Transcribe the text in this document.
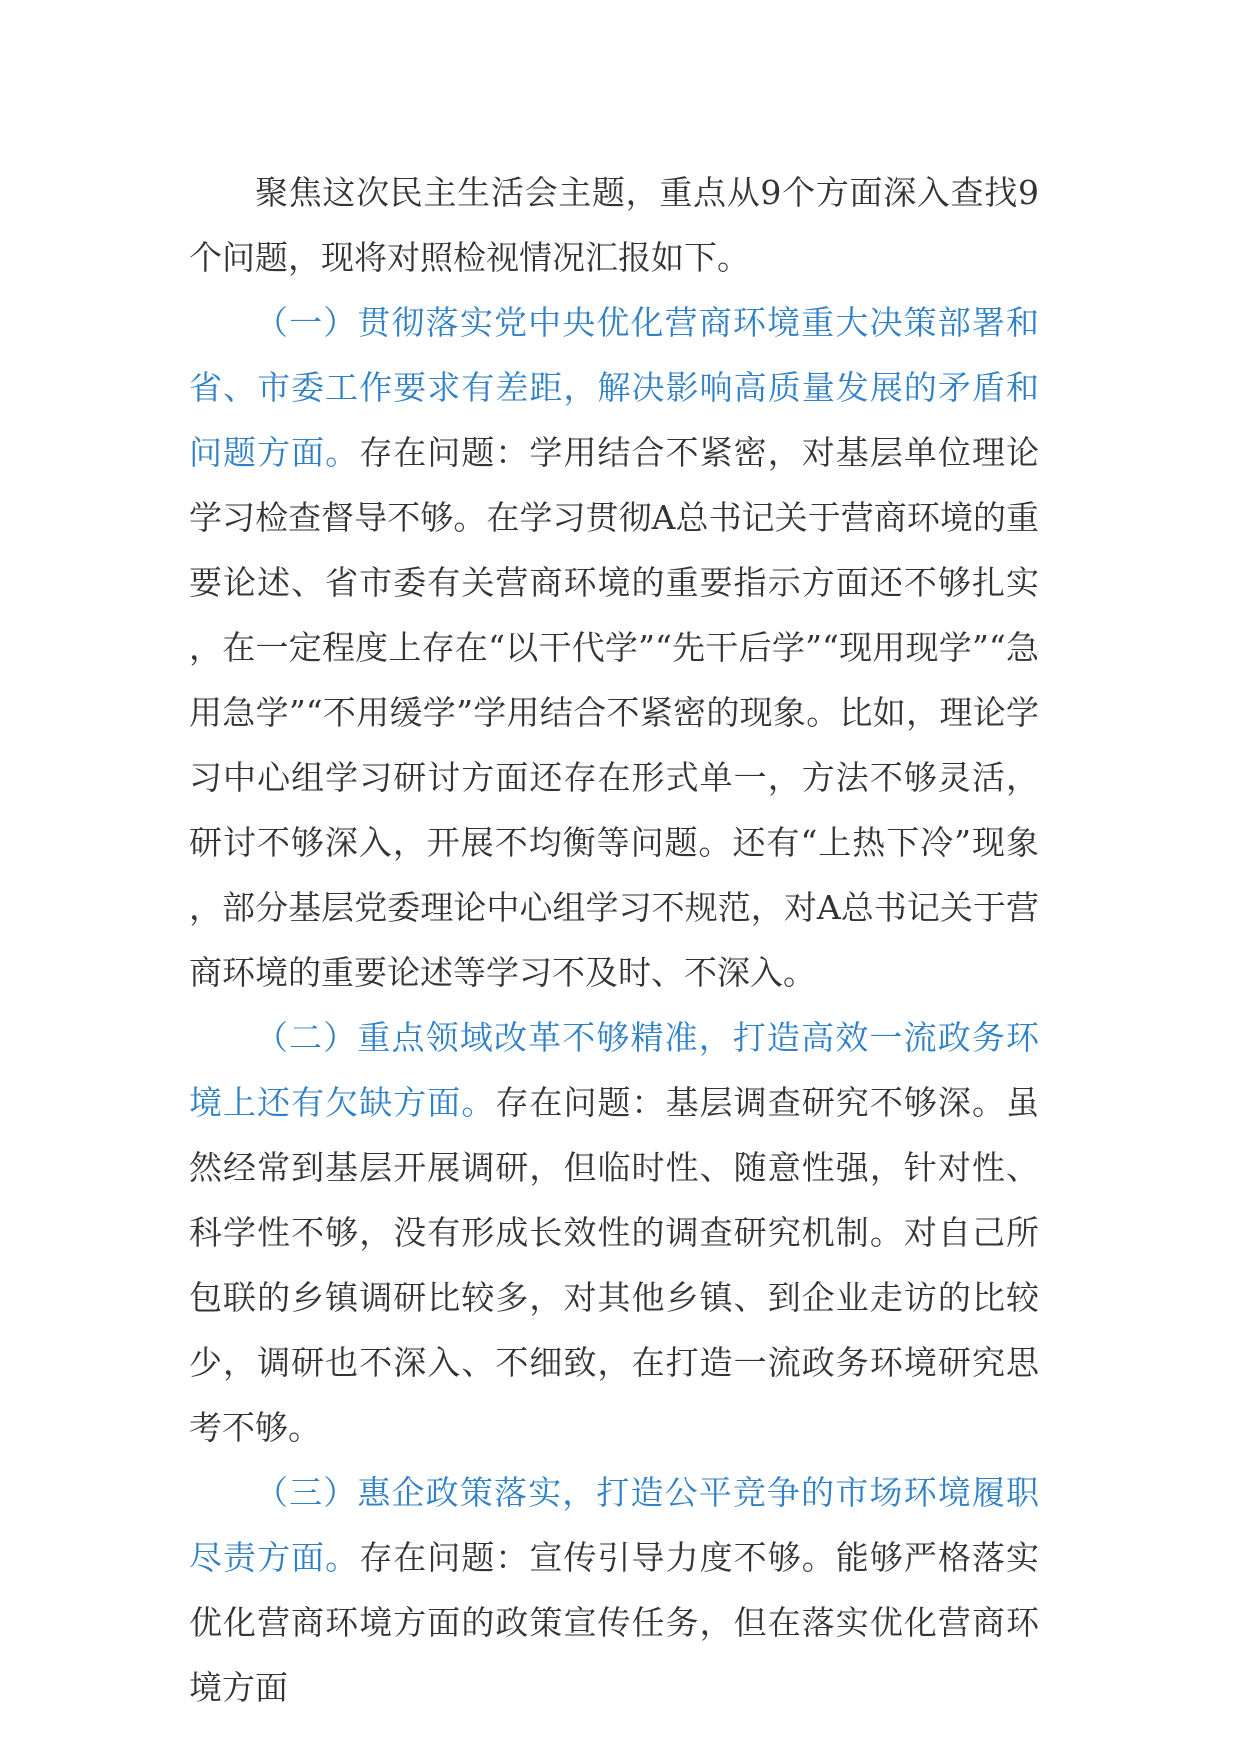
聚焦这次民主生活会主题，重点从9个方面深入查找9个问题，现将对照检视情况汇报如下。

（一）贯彻落实党中央优化营商环境重大决策部署和省、市委工作要求有差距，解决影响高质量发展的矛盾和问题方面。存在问题：学用结合不紧密，对基层单位理论学习检查督导不够。在学习贯彻A总书记关于营商环境的重要论述、省市委有关营商环境的重要指示方面还不够扎实，在一定程度上存在“以干代学”“先干后学”“现用现学”“急用急学”“不用缓学”学用结合不紧密的现象。比如，理论学习中心组学习研讨方面还存在形式单一，方法不够灵活，研讨不够深入，开展不均衡等问题。还有“上热下冷”现象，部分基层党委理论中心组学习不规范，对A总书记关于营商环境的重要论述等学习不及时、不深入。

（二）重点领域改革不够精准，打造高效一流政务环境上还有欠缺方面。存在问题：基层调查研究不够深。虽然经常到基层开展调研，但临时性、随意性强，针对性、科学性不够，没有形成长效性的调查研究机制。对自己所包联的乡镇调研比较多，对其他乡镇、到企业走访的比较少，调研也不深入、不细致，在打造一流政务环境研究思考不够。

（三）惠企政策落实，打造公平竞争的市场环境履职尽责方面。存在问题：宣传引导力度不够。能够严格落实优化营商环境方面的政策宣传任务，但在落实优化营商环境方面
